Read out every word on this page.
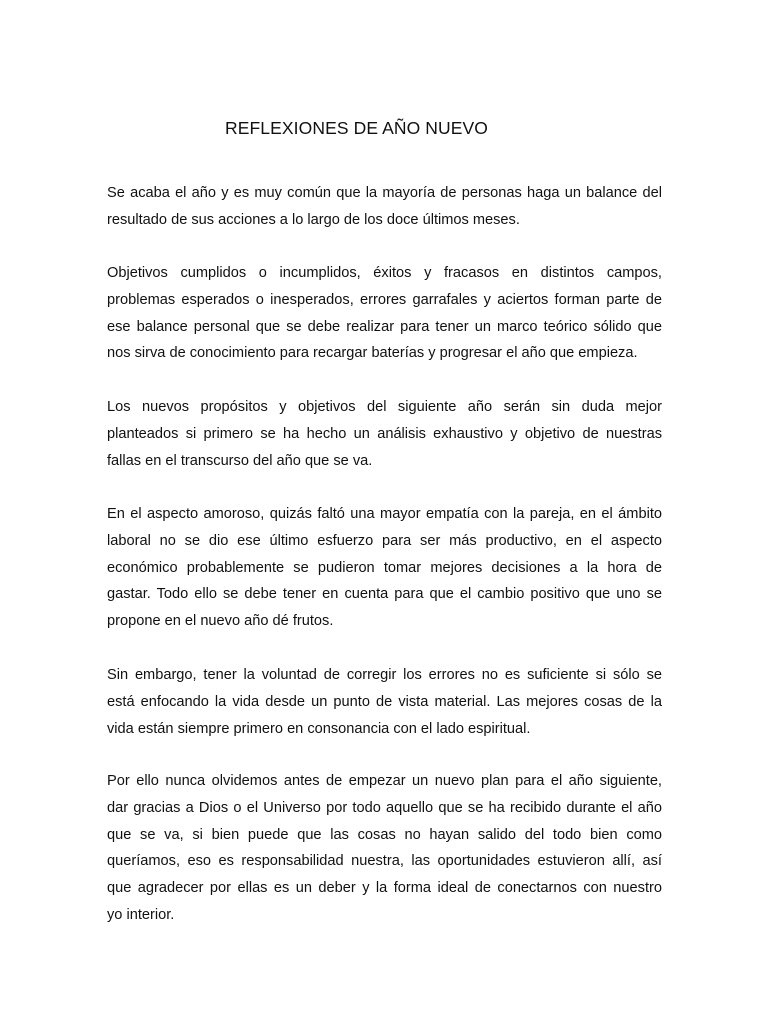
REFLEXIONES DE AÑO NUEVO

Se acaba el año y es muy común que la mayoría de personas haga un balance del
resultado de sus acciones a lo largo de los doce últimos meses.

Objetivos cumplidos o incumplidos, éxitos y fracasos en distintos campos,
problemas esperados o inesperados, errores garrafales y aciertos forman parte de
ese balance personal que se debe realizar para tener un marco teórico sólido que
nos sirva de conocimiento para recargar baterías y progresar el año que empieza.

Los nuevos propósitos y objetivos del siguiente año serán sin duda mejor
planteados si primero se ha hecho un análisis exhaustivo y objetivo de nuestras
fallas en el transcurso del año que se va.

En el aspecto amoroso, quizás faltó una mayor empatía con la pareja, en el ámbito
laboral no se dio ese último esfuerzo para ser más productivo, en el aspecto
económico probablemente se pudieron tomar mejores decisiones a la hora de
gastar. Todo ello se debe tener en cuenta para que el cambio positivo que uno se
propone en el nuevo año dé frutos.

Sin embargo, tener la voluntad de corregir los errores no es suficiente si sólo se
está enfocando la vida desde un punto de vista material. Las mejores cosas de la
vida están siempre primero en consonancia con el lado espiritual.

Por ello nunca olvidemos antes de empezar un nuevo plan para el año siguiente,
dar gracias a Dios o el Universo por todo aquello que se ha recibido durante el año
que se va, si bien puede que las cosas no hayan salido del todo bien como
queríamos, eso es responsabilidad nuestra, las oportunidades estuvieron allí, así
que agradecer por ellas es un deber y la forma ideal de conectarnos con nuestro
yo interior.
